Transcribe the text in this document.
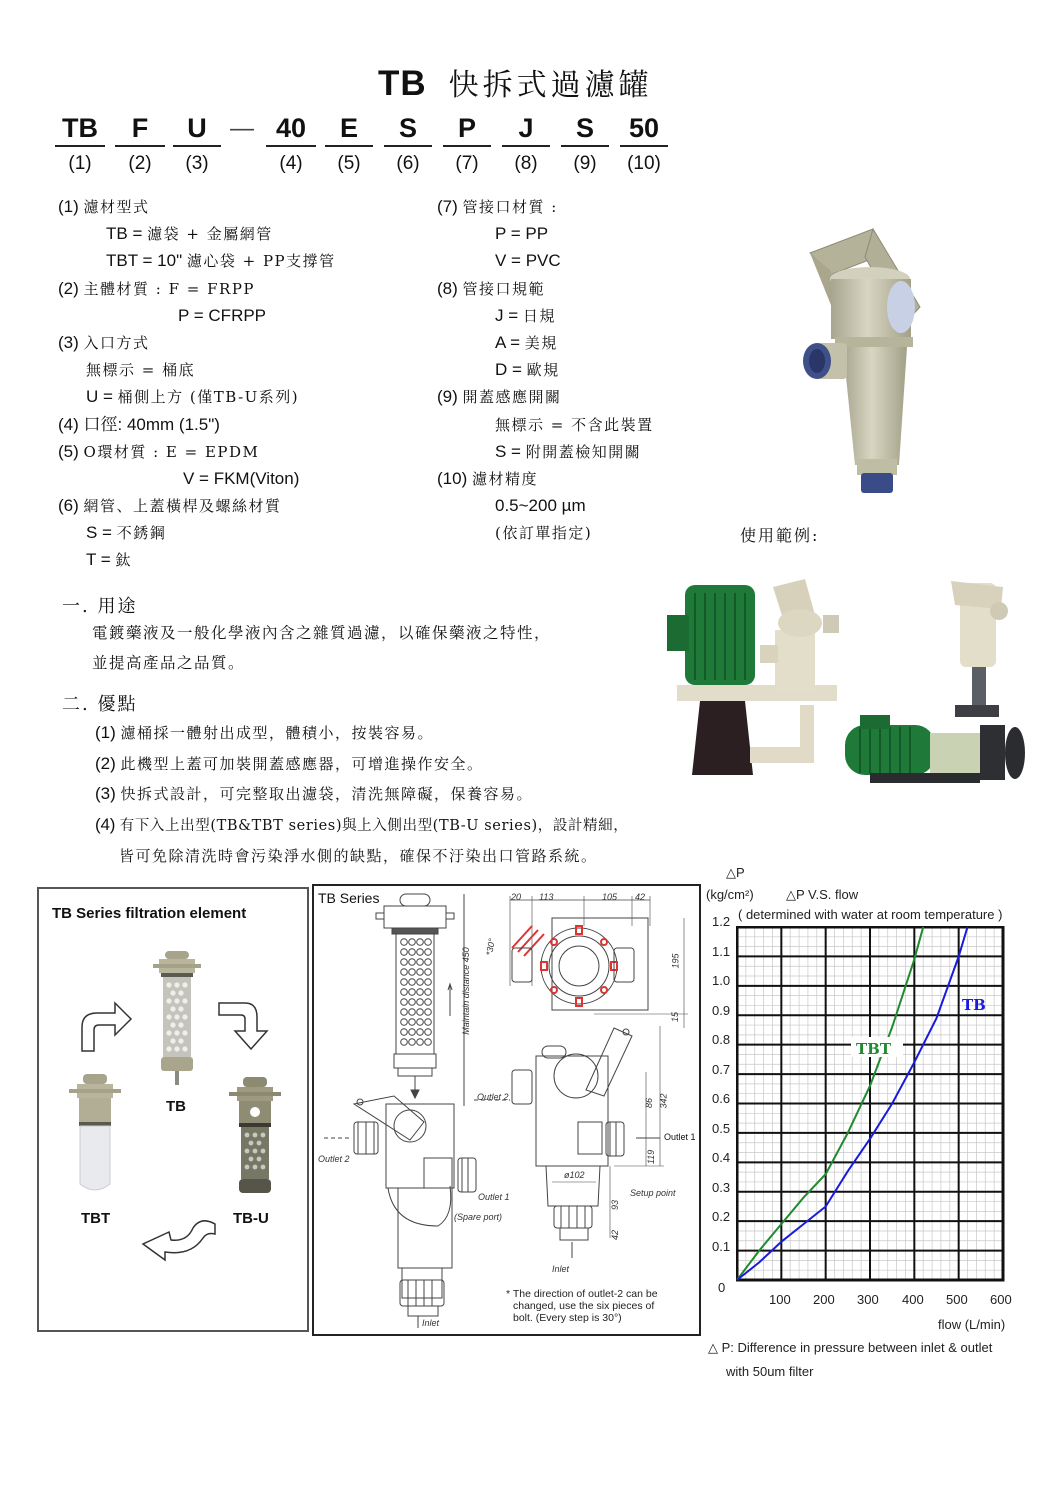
TB 快拆式過濾罐
TB
(1)
F
(2)
U
(3)
— 40
(4)
E
(5)
S
(6)
P
(7)
J
(8)
S
(9)
50
(10)
(1) 濾材型式
TB = 濾袋 + 金屬網管
TBT = 10" 濾心袋 + PP支撐管
(2) 主體材質 : F = FRPP
P = CFRPP
(3) 入口方式
無標示 = 桶底
U = 桶側上方 (僅TB-U系列)
(4) 口徑: 40mm (1.5")
(5) O環材質 : E = EPDM
V = FKM(Viton)
(6) 網管、上蓋橫桿及螺絲材質
S = 不銹鋼
T = 鈦
(7) 管接口材質 :
P = PP
V = PVC
(8) 管接口規範
J = 日規
A = 美規
D = 歐規
(9) 開蓋感應開關
無標示 = 不含此裝置
S = 附開蓋檢知開關
(10) 濾材精度
0.5~200 µm
(依訂單指定)	使用範例:
一. 用途
電鍍藥液及一般化學液內含之雜質過濾，以確保藥液之特性，
並提高產品之品質。
二. 優點
(1) 濾桶採一體射出成型，體積小，按裝容易。
(2) 此機型上蓋可加裝開蓋感應器，可增進操作安全。
(3) 快拆式設計，可完整取出濾袋，清洗無障礙，保養容易。
(4) 有下入上出型(TB&TBT series)與上入側出型(TB-U series)，設計精細，
皆可免除清洗時會污染淨水側的缺點，確保不汙染出口管路系統。
TB Series filtration element
TB
TBT	TB-U
TB Series	20 113	105 42
195
15
86 342
119
93
42
ø102
*30°
Maintain distance 450
Outlet 2
Outlet 2
Outlet 1
(Spare port)
Outlet 1
Setup point
Inlet
Inlet
* The direction of outlet-2 can be
changed, use the six pieces of
bolt. (Every step is 30°)
△P
(kg/cm²) △P V.S. flow
( determined with water at room temperature )
1.2
1.1
1.0
0.9
0.8
0.7
0.6
0.5
0.4
0.3
0.2
0.1
0
TBT
TB
100 200 300 400 500 600
flow (L/min)
△ P: Difference in pressure between inlet & outlet
with 50um filter
